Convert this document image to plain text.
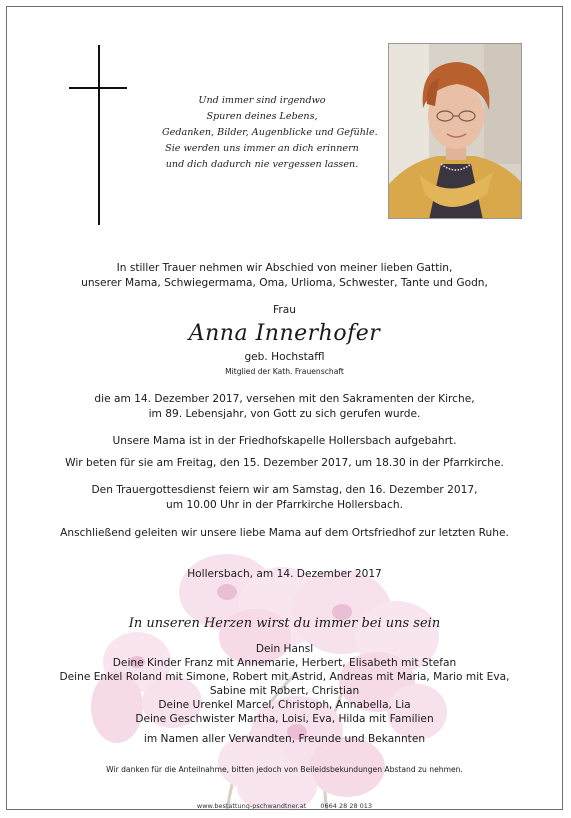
Und immer sind irgendwo
Spuren deines Lebens,
Gedanken, Bilder, Augenblicke und Gefühle.
Sie werden uns immer an dich erinnern
und dich dadurch nie vergessen lassen.
In stiller Trauer nehmen wir Abschied von meiner lieben Gattin,
unserer Mama, Schwiegermama, Oma, Urlioma, Schwester, Tante und Godn,
Frau
Anna Innerhofer
geb. Hochstaffl
Mitglied der Kath. Frauenschaft
die am 14. Dezember 2017, versehen mit den Sakramenten der Kirche,
im 89. Lebensjahr, von Gott zu sich gerufen wurde.
Unsere Mama ist in der Friedhofskapelle Hollersbach aufgebahrt.
Wir beten für sie am Freitag, den 15. Dezember 2017, um 18.30 in der Pfarrkirche.
Den Trauergottesdienst feiern wir am Samstag, den 16. Dezember 2017,
um 10.00 Uhr in der Pfarrkirche Hollersbach.
Anschließend geleiten wir unsere liebe Mama auf dem Ortsfriedhof zur letzten Ruhe.
Hollersbach, am 14. Dezember 2017
In unseren Herzen wirst du immer bei uns sein
Dein Hansl
Deine Kinder Franz mit Annemarie, Herbert, Elisabeth mit Stefan
Deine Enkel Roland mit Simone, Robert mit Astrid, Andreas mit Maria, Mario mit Eva,
Sabine mit Robert, Christian
Deine Urenkel Marcel, Christoph, Annabella, Lia
Deine Geschwister Martha, Loisi, Eva, Hilda mit Familien
im Namen aller Verwandten, Freunde und Bekannten
Wir danken für die Anteilnahme, bitten jedoch von Beileidsbekundungen Abstand zu nehmen.
www.bestattung-pschwandtner.at 0664 28 28 013
